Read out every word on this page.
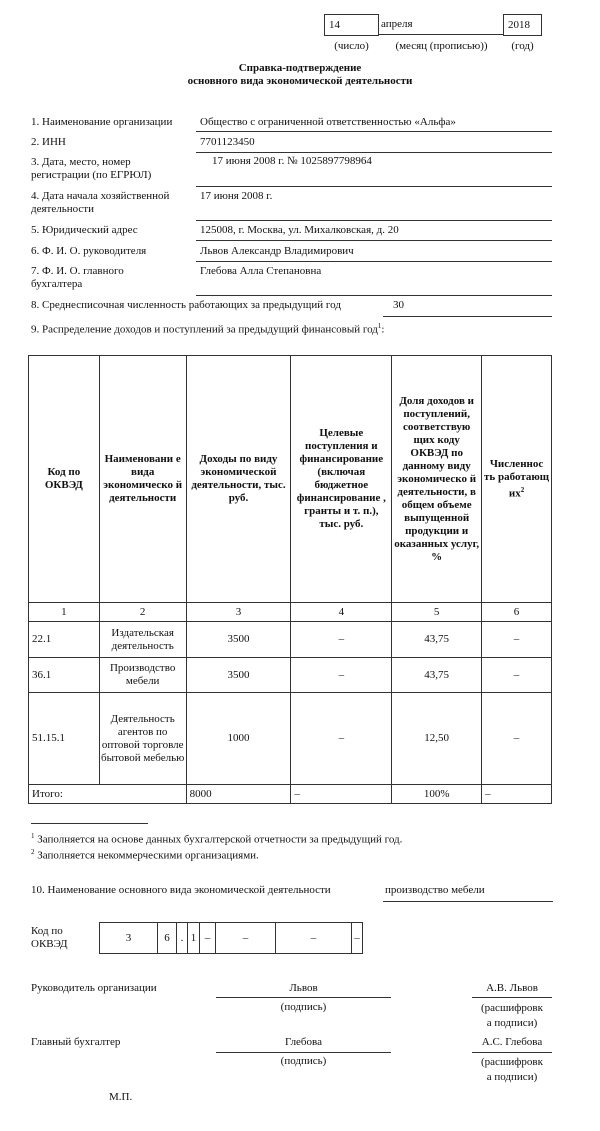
14	апреля	2018
(число)	(месяц (прописью))	(год)
Справка-подтверждение
основного вида экономической деятельности
1. Наименование организации	Общество с ограниченной ответственностью «Альфа»
2. ИНН	7701123450
3. Дата, место, номер
регистрации (по ЕГРЮЛ)
17 июня 2008 г. № 1025897798964
4. Дата начала хозяйственной
деятельности
17 июня 2008 г.
5. Юридический адрес	125008, г. Москва, ул. Михалковская, д. 20
6. Ф. И. О. руководителя	Львов Александр Владимирович
7. Ф. И. О. главного
бухгалтера
Глебова Алла Степановна
8. Среднесписочная численность работающих за предыдущий год	30
9. Распределение доходов и поступлений за предыдущий финансовый год$^1$:
Код по ОКВЭД	Наименовани е вида экономическо й деятельности	Доходы по виду экономической деятельности, тыс. руб.	Целевые поступления и финансирование (включая бюджетное финансирование , гранты и т. п.), тыс. руб.	Доля доходов и поступлений, соответствую щих коду ОКВЭД по данному виду экономическо й деятельности, в общем объеме выпущенной продукции и оказанных услуг, %	Численнос ть работающ $их^2$
1	2	3	4	5	6
22.1	Издательская деятельность	3500	–	43,75	–
36.1	Производство мебели	3500	–	43,75	–
51.15.1	Деятельность агентов по оптовой торговле бытовой мебелью	1000	–	12,50	–
Итого:		8000	–	100%	–
$^1$ Заполняется на основе данных бухгалтерской отчетности за предыдущий год.
$^2$ Заполняется некоммерческими организациями.
10. Наименование основного вида экономической деятельности	производство мебели
Код по
ОКВЭД	3	6	.	1	–	–	–	–
Руководитель организации	Львов
(подпись)
А.В. Львов
(расшифровк
а подписи)
Главный бухгалтер	Глебова
(подпись)
А.С. Глебова
(расшифровк
а подписи)
М.П.
